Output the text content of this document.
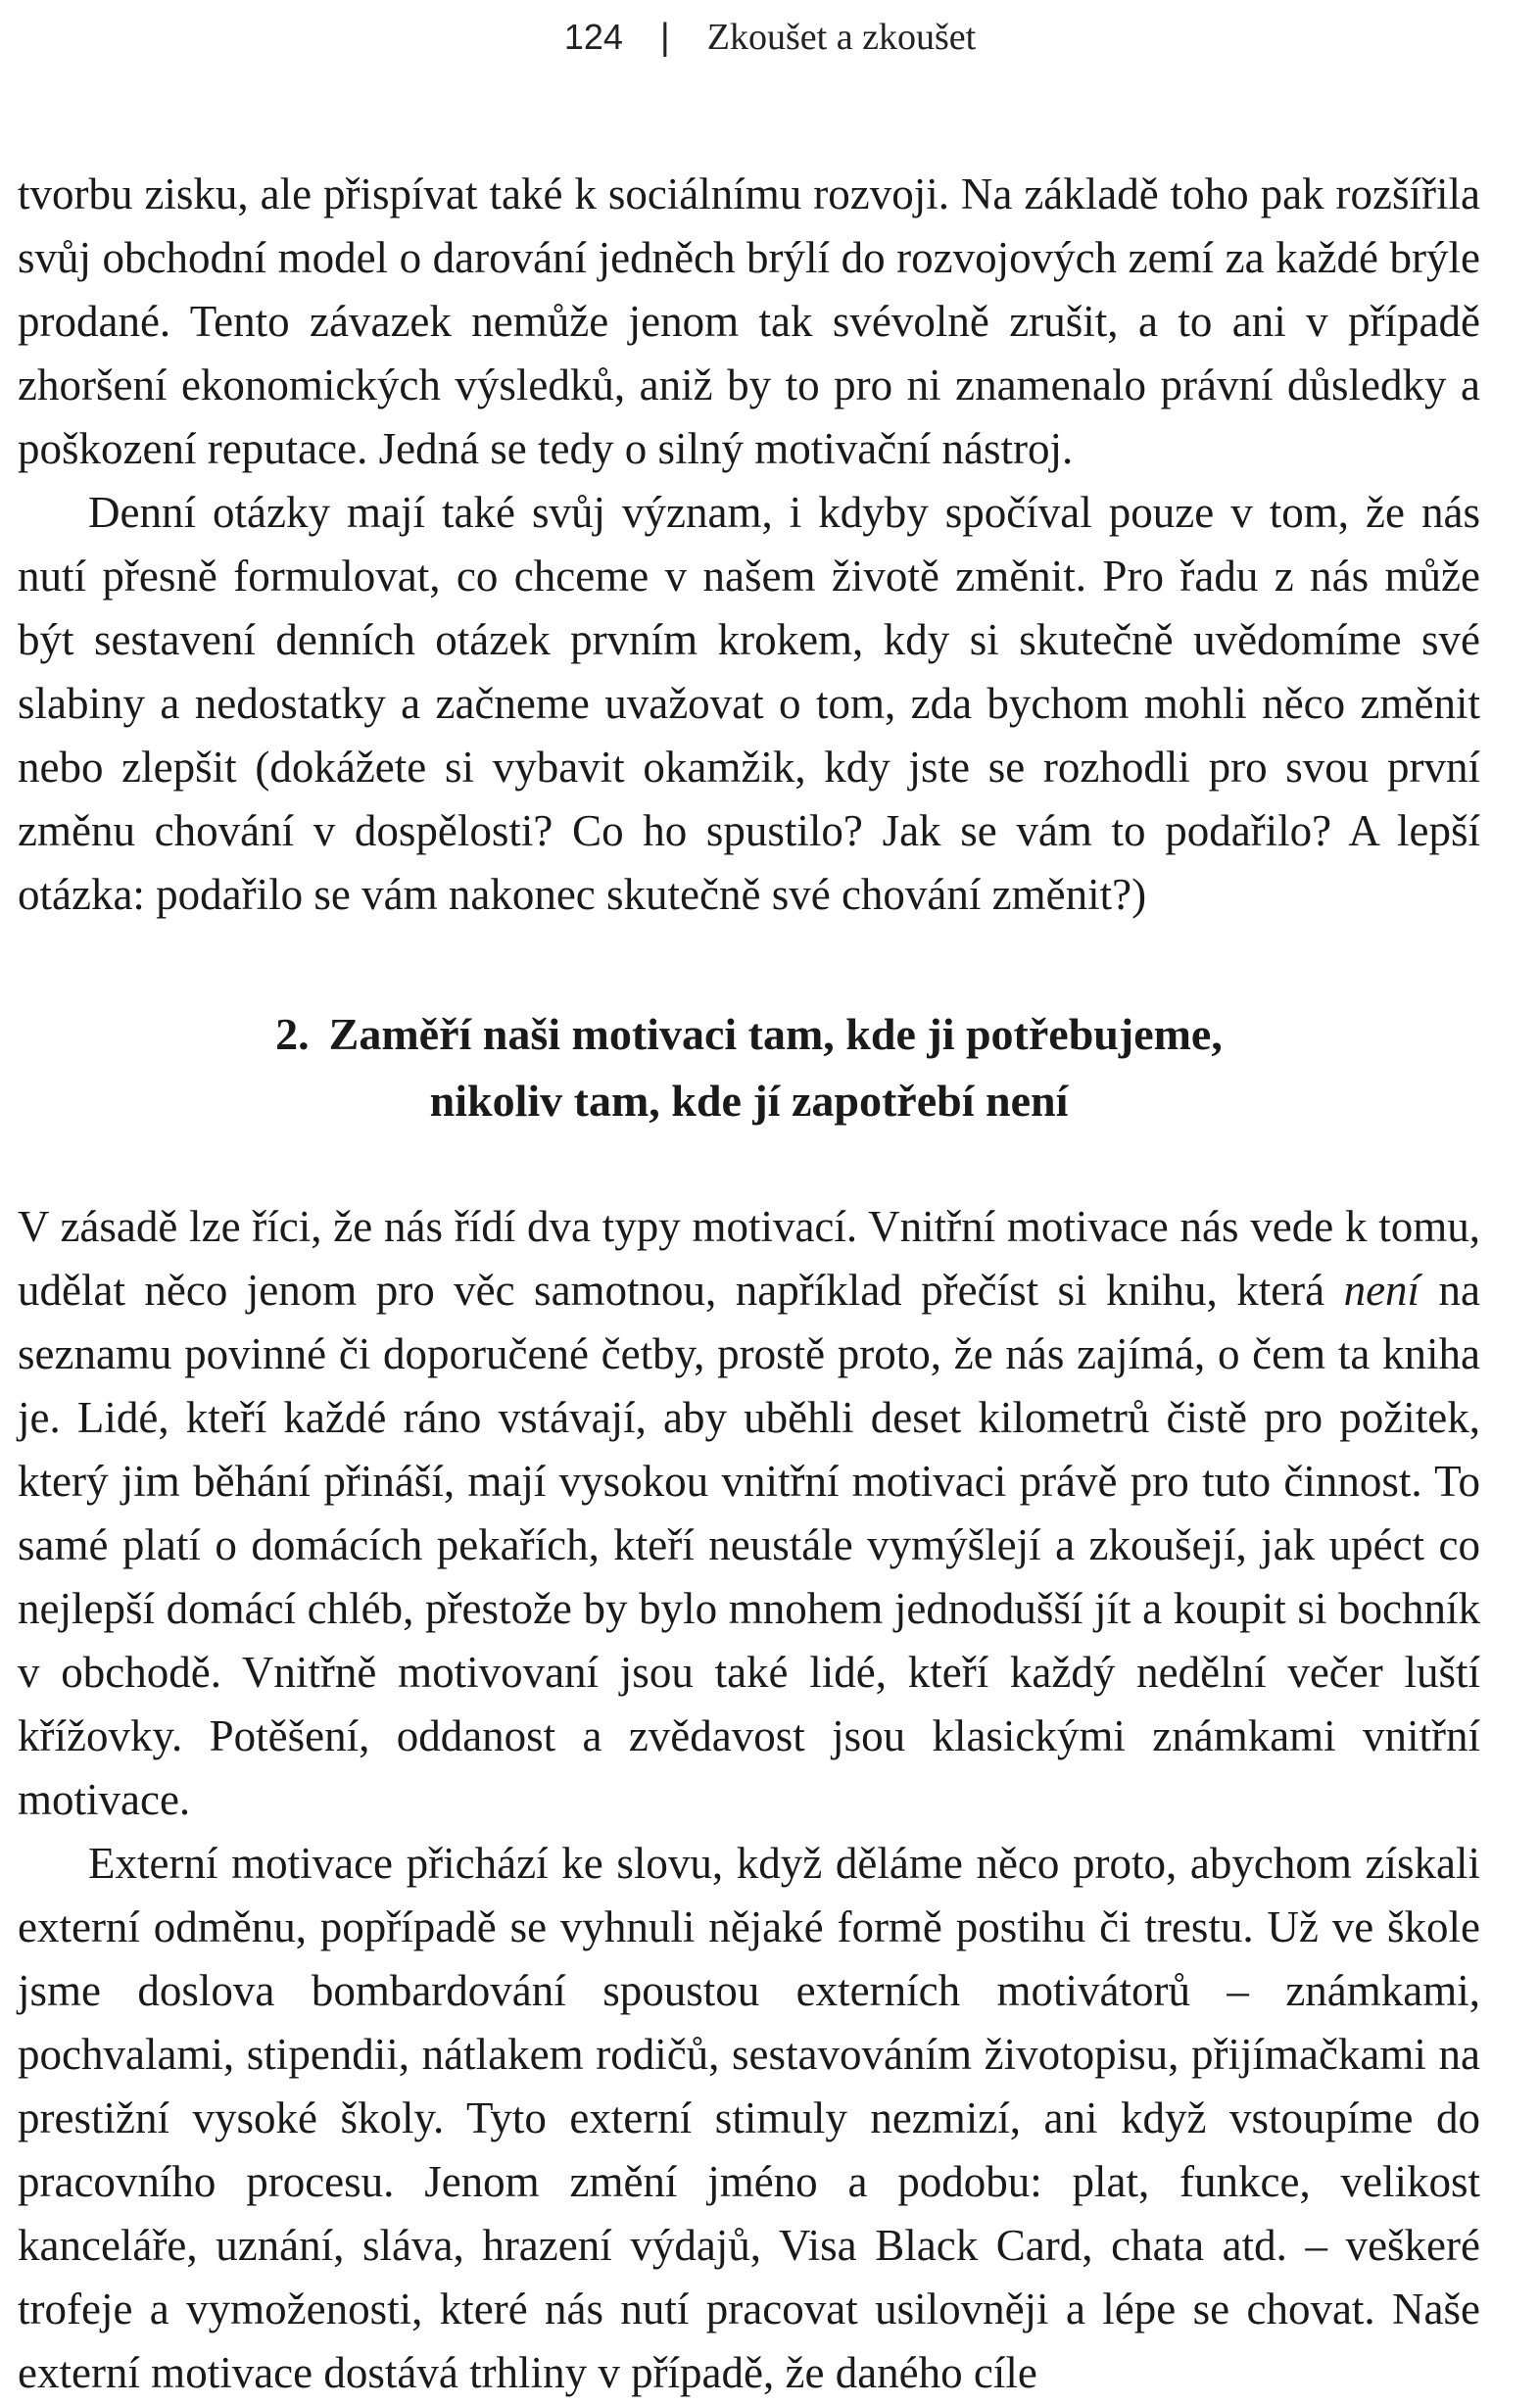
124 | Zkoušet a zkoušet

tvorbu zisku, ale přispívat také k sociálnímu rozvoji. Na základě toho pak rozšířila svůj obchodní model o darování jedněch brýlí do rozvojových zemí za každé brýle prodané. Tento závazek nemůže jenom tak svévolně zrušit, a to ani v případě zhoršení ekonomických výsledků, aniž by to pro ni znamenalo právní důsledky a poškození reputace. Jedná se tedy o silný motivační nástroj.

Denní otázky mají také svůj význam, i kdyby spočíval pouze v tom, že nás nutí přesně formulovat, co chceme v našem životě změnit. Pro řadu z nás může být sestavení denních otázek prvním krokem, kdy si skutečně uvědomíme své slabiny a nedostatky a začneme uvažovat o tom, zda bychom mohli něco změnit nebo zlepšit (dokážete si vybavit okamžik, kdy jste se rozhodli pro svou první změnu chování v dospělosti? Co ho spustilo? Jak se vám to podařilo? A lepší otázka: podařilo se vám nakonec skutečně své chování změnit?)

2. Zaměří naši motivaci tam, kde ji potřebujeme,
nikoliv tam, kde jí zapotřebí není

V zásadě lze říci, že nás řídí dva typy motivací. Vnitřní motivace nás vede k tomu, udělat něco jenom pro věc samotnou, například přečíst si knihu, která není na seznamu povinné či doporučené četby, prostě proto, že nás zajímá, o čem ta kniha je. Lidé, kteří každé ráno vstávají, aby uběhli deset kilometrů čistě pro požitek, který jim běhání přináší, mají vysokou vnitřní motivaci právě pro tuto činnost. To samé platí o domácích pekařích, kteří neustále vymýšlejí a zkoušejí, jak upéct co nejlepší domácí chléb, přestože by bylo mnohem jednodušší jít a koupit si bochník v obchodě. Vnitřně motivovaní jsou také lidé, kteří každý nedělní večer luští křížovky. Potěšení, oddanost a zvědavost jsou klasickými známkami vnitřní motivace.

Externí motivace přichází ke slovu, když děláme něco proto, abychom získali externí odměnu, popřípadě se vyhnuli nějaké formě postihu či trestu. Už ve škole jsme doslova bombardování spoustou externích motivátorů – známkami, pochvalami, stipendii, nátlakem rodičů, sestavováním životopisu, přijímačkami na prestižní vysoké školy. Tyto externí stimuly nezmizí, ani když vstoupíme do pracovního procesu. Jenom změní jméno a podobu: plat, funkce, velikost kanceláře, uznání, sláva, hrazení výdajů, Visa Black Card, chata atd. – veškeré trofeje a vymoženosti, které nás nutí pracovat usilovněji a lépe se chovat. Naše externí motivace dostává trhliny v případě, že daného cíle
